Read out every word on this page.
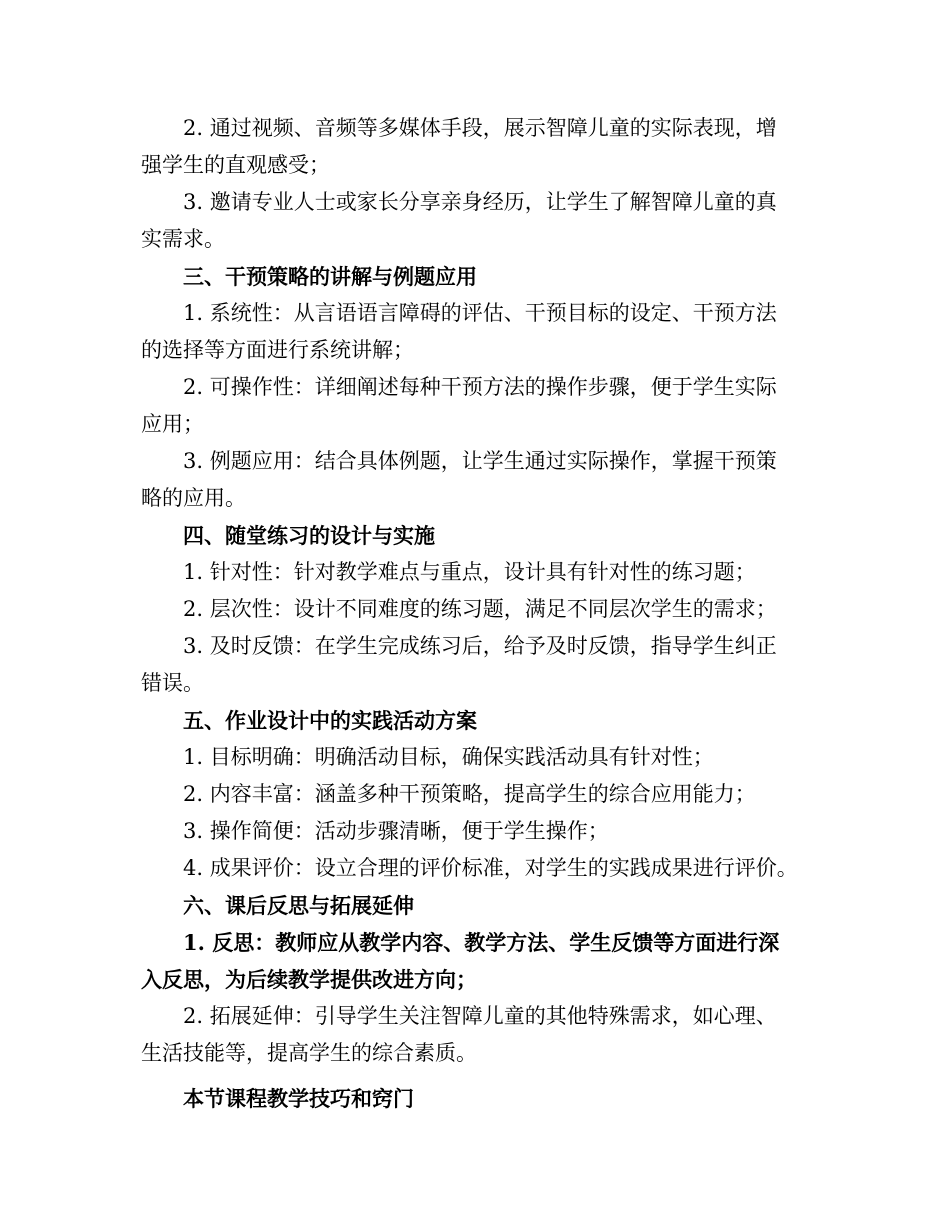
2. 通过视频、音频等多媒体手段，展示智障儿童的实际表现，增
强学生的直观感受；
3. 邀请专业人士或家长分享亲身经历，让学生了解智障儿童的真
实需求。
三、干预策略的讲解与例题应用
1. 系统性：从言语语言障碍的评估、干预目标的设定、干预方法
的选择等方面进行系统讲解；
2. 可操作性：详细阐述每种干预方法的操作步骤，便于学生实际
应用；
3. 例题应用：结合具体例题，让学生通过实际操作，掌握干预策
略的应用。
四、随堂练习的设计与实施
1. 针对性：针对教学难点与重点，设计具有针对性的练习题；
2. 层次性：设计不同难度的练习题，满足不同层次学生的需求；
3. 及时反馈：在学生完成练习后，给予及时反馈，指导学生纠正
错误。
五、作业设计中的实践活动方案
1. 目标明确：明确活动目标，确保实践活动具有针对性；
2. 内容丰富：涵盖多种干预策略，提高学生的综合应用能力；
3. 操作简便：活动步骤清晰，便于学生操作；
4. 成果评价：设立合理的评价标准，对学生的实践成果进行评价。
六、课后反思与拓展延伸
1. 反思：教师应从教学内容、教学方法、学生反馈等方面进行深
入反思，为后续教学提供改进方向；
2. 拓展延伸：引导学生关注智障儿童的其他特殊需求，如心理、
生活技能等，提高学生的综合素质。
本节课程教学技巧和窍门
